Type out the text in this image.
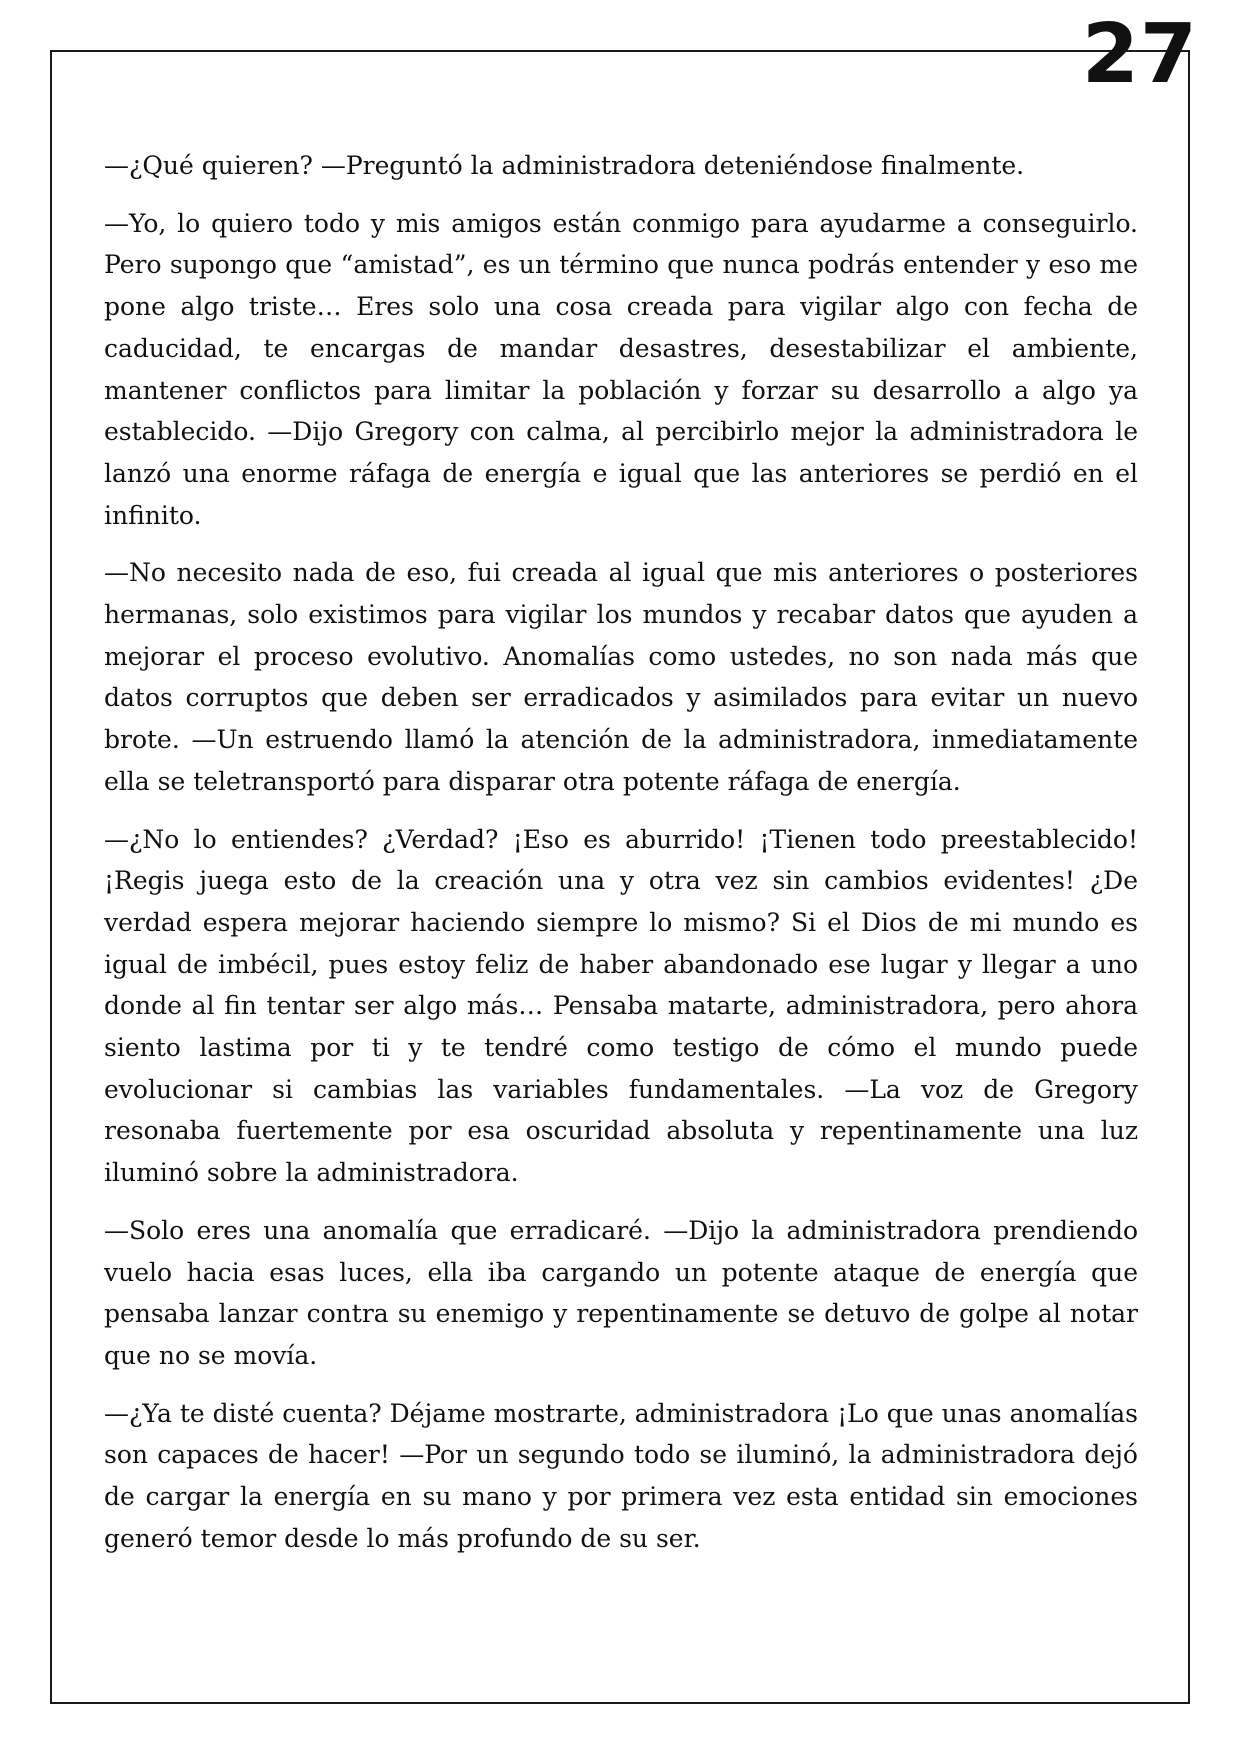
27

—¿Qué quieren? —Preguntó la administradora deteniéndose finalmente.

—Yo, lo quiero todo y mis amigos están conmigo para ayudarme a conseguirlo. Pero supongo que “amistad”, es un término que nunca podrás entender y eso me pone algo triste… Eres solo una cosa creada para vigilar algo con fecha de caducidad, te encargas de mandar desastres, desestabilizar el ambiente, mantener conflictos para limitar la población y forzar su desarrollo a algo ya establecido. —Dijo Gregory con calma, al percibirlo mejor la administradora le lanzó una enorme ráfaga de energía e igual que las anteriores se perdió en el infinito.

—No necesito nada de eso, fui creada al igual que mis anteriores o posteriores hermanas, solo existimos para vigilar los mundos y recabar datos que ayuden a mejorar el proceso evolutivo. Anomalías como ustedes, no son nada más que datos corruptos que deben ser erradicados y asimilados para evitar un nuevo brote. —Un estruendo llamó la atención de la administradora, inmediatamente ella se teletransportó para disparar otra potente ráfaga de energía.

—¿No lo entiendes? ¿Verdad? ¡Eso es aburrido! ¡Tienen todo preestablecido! ¡Regis juega esto de la creación una y otra vez sin cambios evidentes! ¿De verdad espera mejorar haciendo siempre lo mismo? Si el Dios de mi mundo es igual de imbécil, pues estoy feliz de haber abandonado ese lugar y llegar a uno donde al fin tentar ser algo más… Pensaba matarte, administradora, pero ahora siento lastima por ti y te tendré como testigo de cómo el mundo puede evolucionar si cambias las variables fundamentales. —La voz de Gregory resonaba fuertemente por esa oscuridad absoluta y repentinamente una luz iluminó sobre la administradora.

—Solo eres una anomalía que erradicaré. —Dijo la administradora prendiendo vuelo hacia esas luces, ella iba cargando un potente ataque de energía que pensaba lanzar contra su enemigo y repentinamente se detuvo de golpe al notar que no se movía.

—¿Ya te disté cuenta? Déjame mostrarte, administradora ¡Lo que unas anomalías son capaces de hacer! —Por un segundo todo se iluminó, la administradora dejó de cargar la energía en su mano y por primera vez esta entidad sin emociones generó temor desde lo más profundo de su ser.
